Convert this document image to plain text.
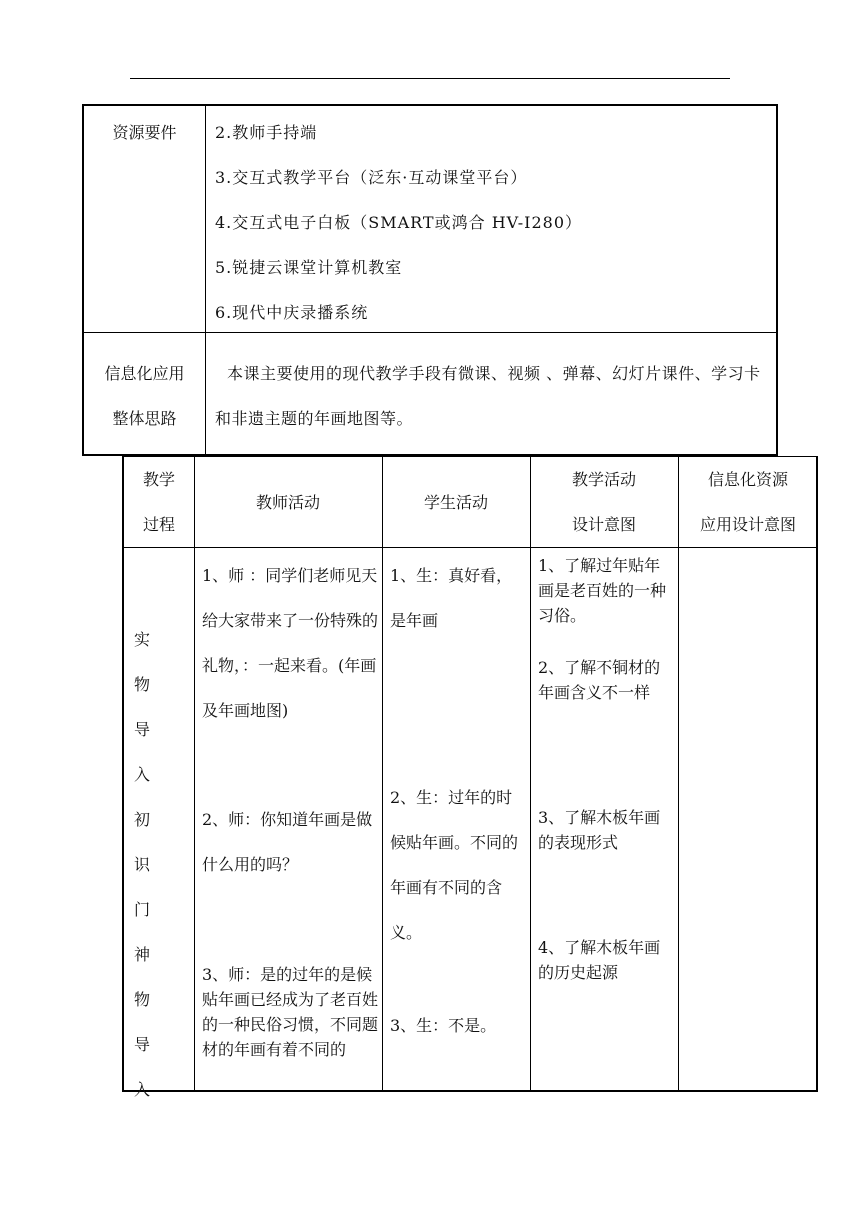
资源要件	2.教师手持端
3.交互式教学平台（泛东·互动课堂平台）
4.交互式电子白板（SMART或鸿合 HV-I280）
5.锐捷云课堂计算机教室
6.现代中庆录播系统
信息化应用
整体思路
本课主要使用的现代教学手段有微课、视频 、弹幕、幻灯片课件、学习卡和非遗主题的年画地图等。
教学
过程
教师活动	学生活动
教学活动
设计意图
信息化资源
应用设计意图
实物
导入
初识
门神
物导
入
1、师 ：同学们老师见天给大家带来了一份特殊的礼物，：一起来看。(年画及年画地图)
2、师：你知道年画是做什么用的吗？
3、师：是的过年的是候贴年画已经成为了老百姓的一种民俗习惯，不同题材的年画有着不同的
1、生：真好看，是年画
2、生：过年的时候贴年画。不同的年画有不同的含义。
3、生：不是。
1、了解过年贴年画是老百姓的一种习俗。
2、了解不铜材的年画含义不一样
3、了解木板年画的表现形式
4、了解木板年画的历史起源
